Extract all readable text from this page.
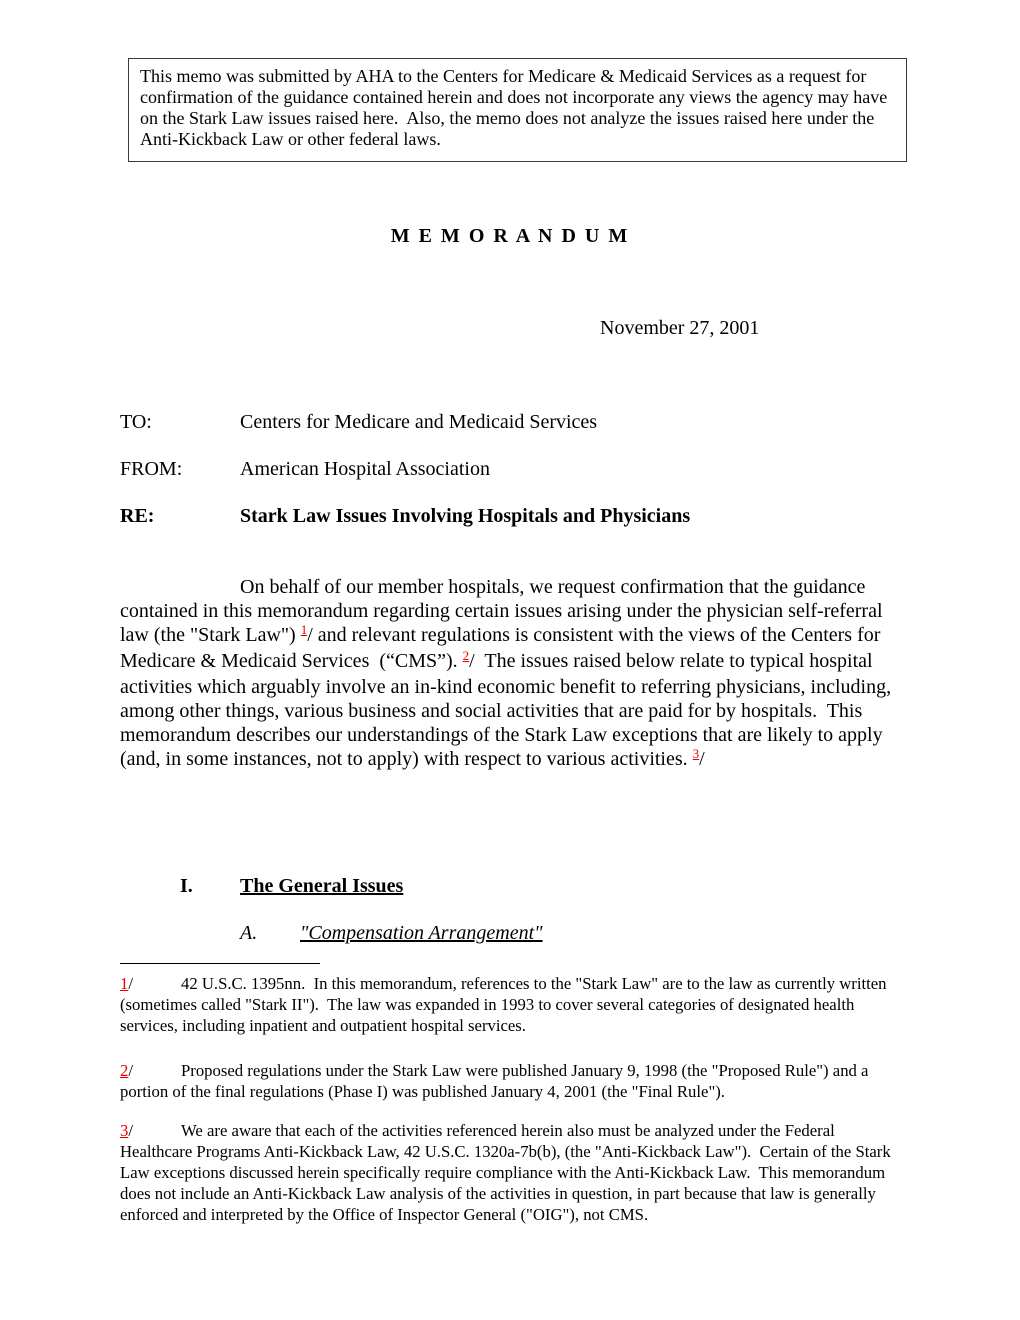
This memo was submitted by AHA to the Centers for Medicare & Medicaid Services as a request for confirmation of the guidance contained herein and does not incorporate any views the agency may have on the Stark Law issues raised here.  Also, the memo does not analyze the issues raised here under the Anti-Kickback Law or other federal laws.
M E M O R A N D U M
November 27, 2001
TO:	Centers for Medicare and Medicaid Services
FROM:	American Hospital Association
RE:	Stark Law Issues Involving Hospitals and Physicians

On behalf of our member hospitals, we request confirmation that the guidance contained in this memorandum regarding certain issues arising under the physician self-referral law (the "Stark Law") $^1$/ and relevant regulations is consistent with the views of the Centers for Medicare & Medicaid Services  (“CMS”). $^2$/  The issues raised below relate to typical hospital activities which arguably involve an in-kind economic benefit to referring physicians, including, among other things, various business and social activities that are paid for by hospitals.  This memorandum describes our understandings of the Stark Law exceptions that are likely to apply (and, in some instances, not to apply) with respect to various activities. $^3$/

I. The General Issues
A. "Compensation Arrangement"

1/	42 U.S.C. 1395nn.  In this memorandum, references to the "Stark Law" are to the law as currently written (sometimes called "Stark II").  The law was expanded in 1993 to cover several categories of designated health services, including inpatient and outpatient hospital services.

2/	Proposed regulations under the Stark Law were published January 9, 1998 (the "Proposed Rule") and a portion of the final regulations (Phase I) was published January 4, 2001 (the "Final Rule").

3/	We are aware that each of the activities referenced herein also must be analyzed under the Federal Healthcare Programs Anti-Kickback Law, 42 U.S.C. 1320a-7b(b), (the "Anti-Kickback Law").  Certain of the Stark Law exceptions discussed herein specifically require compliance with the Anti-Kickback Law.  This memorandum does not include an Anti-Kickback Law analysis of the activities in question, in part because that law is generally enforced and interpreted by the Office of Inspector General ("OIG"), not CMS.
